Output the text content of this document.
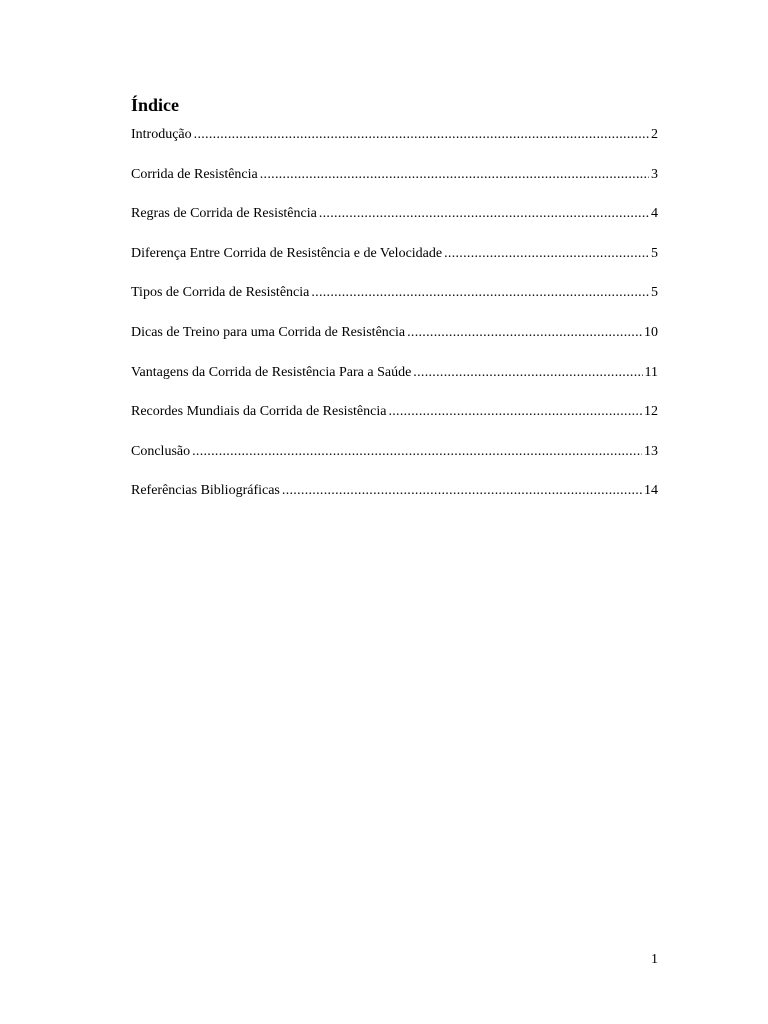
Índice
Introdução .....	2
Corrida de Resistência .....	3
Regras de Corrida de Resistência .....	4
Diferença Entre Corrida de Resistência e de Velocidade .....	5
Tipos de Corrida de Resistência .....	5
Dicas de Treino para uma Corrida de Resistência .....	10
Vantagens da Corrida de Resistência Para a Saúde .....	11
Recordes Mundiais da Corrida de Resistência .....	12
Conclusão .....	13
Referências Bibliográficas .....	14
1
